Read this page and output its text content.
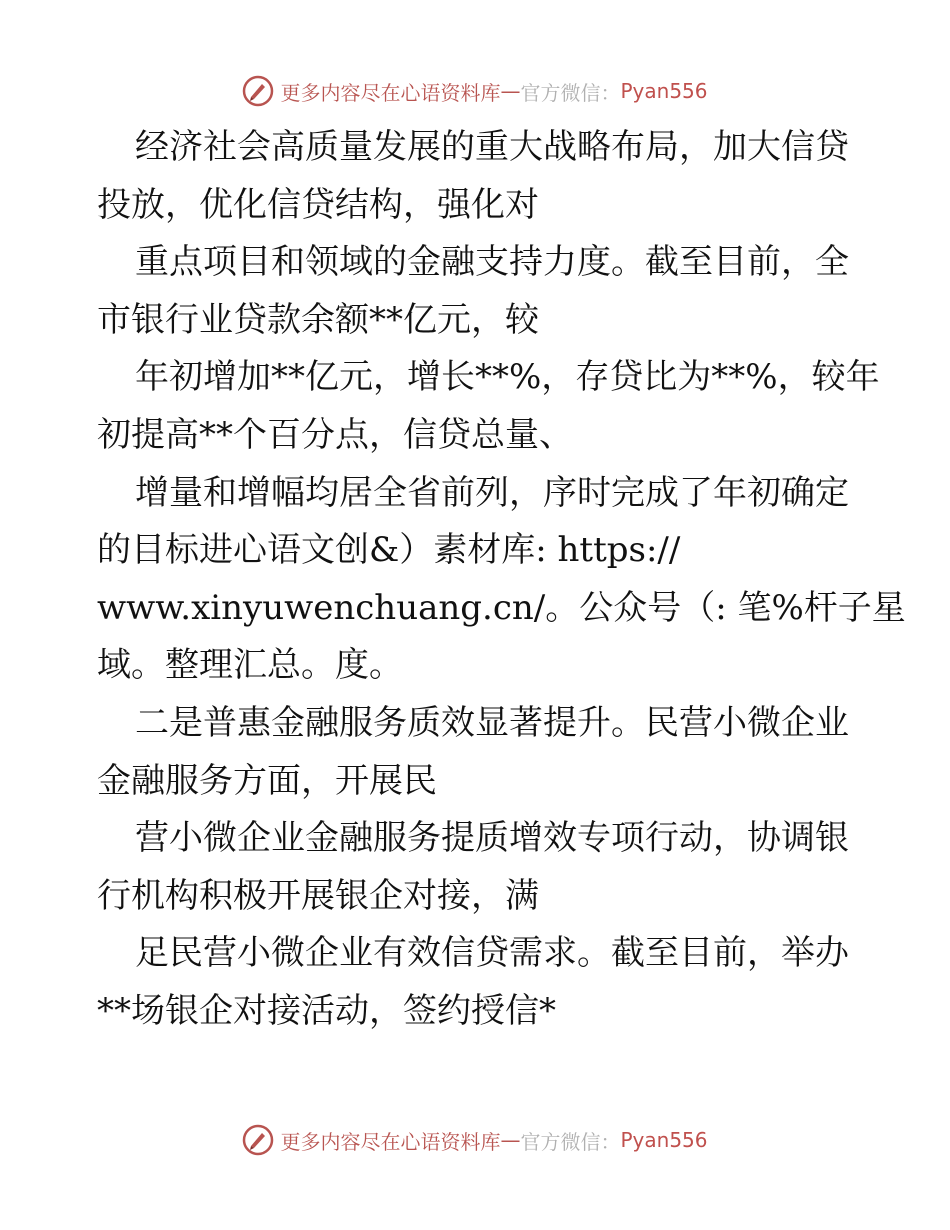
更多内容尽在心语资料库 — 官方微信： Pyan556
经济社会高质量发展的重大战略布局，加大信贷
投放，优化信贷结构，强化对
重点项目和领域的金融支持力度。截至目前，全
市银行业贷款余额**亿元，较
年初增加**亿元，增长**%，存贷比为**%，较年
初提高**个百分点，信贷总量、
增量和增幅均居全省前列，序时完成了年初确定
的目标进心语文创&）素材库: https://
www.xinyuwenchuang.cn/。公众号（: 笔%杆子星
域。整理汇总。度。
二是普惠金融服务质效显著提升。民营小微企业
金融服务方面，开展民
营小微企业金融服务提质增效专项行动，协调银
行机构积极开展银企对接，满
足民营小微企业有效信贷需求。截至目前，举办
**场银企对接活动，签约授信*
更多内容尽在心语资料库 — 官方微信： Pyan556
